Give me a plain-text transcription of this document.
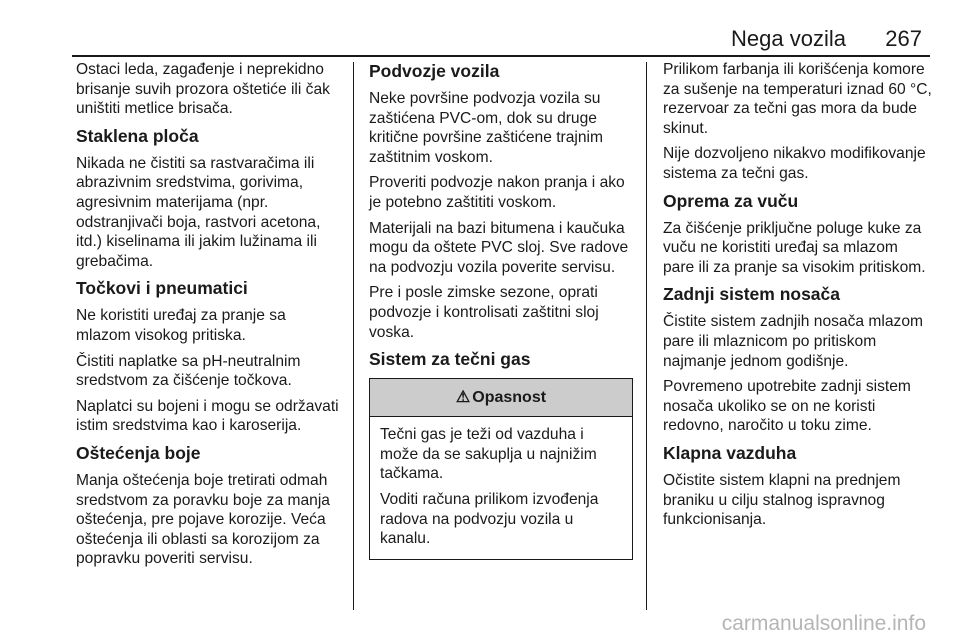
Nega vozila 267

Ostaci leda, zagađenje i neprekidno brisanje suvih prozora oštetiće ili čak uništiti metlice brisača.

Staklena ploča

Nikada ne čistiti sa rastvaračima ili abrazivnim sredstvima, gorivima, agresivnim materijama (npr. odstranjivači boja, rastvori acetona, itd.) kiselinama ili jakim lužinama ili grebačima.

Točkovi i pneumatici

Ne koristiti uređaj za pranje sa mlazom visokog pritiska.

Čistiti naplatke sa pH-neutralnim sredstvom za čišćenje točkova.

Naplatci su bojeni i mogu se održavati istim sredstvima kao i karoserija.

Oštećenja boje

Manja oštećenja boje tretirati odmah sredstvom za poravku boje za manja oštećenja, pre pojave korozije. Veća oštećenja ili oblasti sa korozijom za popravku poveriti servisu.

Podvozje vozila

Neke površine podvozja vozila su zaštićena PVC-om, dok su druge kritične površine zaštićene trajnim zaštitnim voskom.

Proveriti podvozje nakon pranja i ako je potebno zaštititi voskom.

Materijali na bazi bitumena i kaučuka mogu da oštete PVC sloj. Sve radove na podvozju vozila poverite servisu.

Pre i posle zimske sezone, oprati podvozje i kontrolisati zaštitni sloj voska.

Sistem za tečni gas
⚠ Opasnost

Tečni gas je teži od vazduha i može da se sakuplja u najnižim tačkama.

Voditi računa prilikom izvođenja radova na podvozju vozila u kanalu.

Prilikom farbanja ili korišćenja komore za sušenje na temperaturi iznad 60 °C, rezervoar za tečni gas mora da bude skinut.

Nije dozvoljeno nikakvo modifikovanje sistema za tečni gas.

Oprema za vuču

Za čišćenje priključne poluge kuke za vuču ne koristiti uređaj sa mlazom pare ili za pranje sa visokim pritiskom.

Zadnji sistem nosača

Čistite sistem zadnjih nosača mlazom pare ili mlaznicom po pritiskom najmanje jednom godišnje.

Povremeno upotrebite zadnji sistem nosača ukoliko se on ne koristi redovno, naročito u toku zime.

Klapna vazduha

Očistite sistem klapni na prednjem braniku u cilju stalnog ispravnog funkcionisanja.

carmanualsonline.info
